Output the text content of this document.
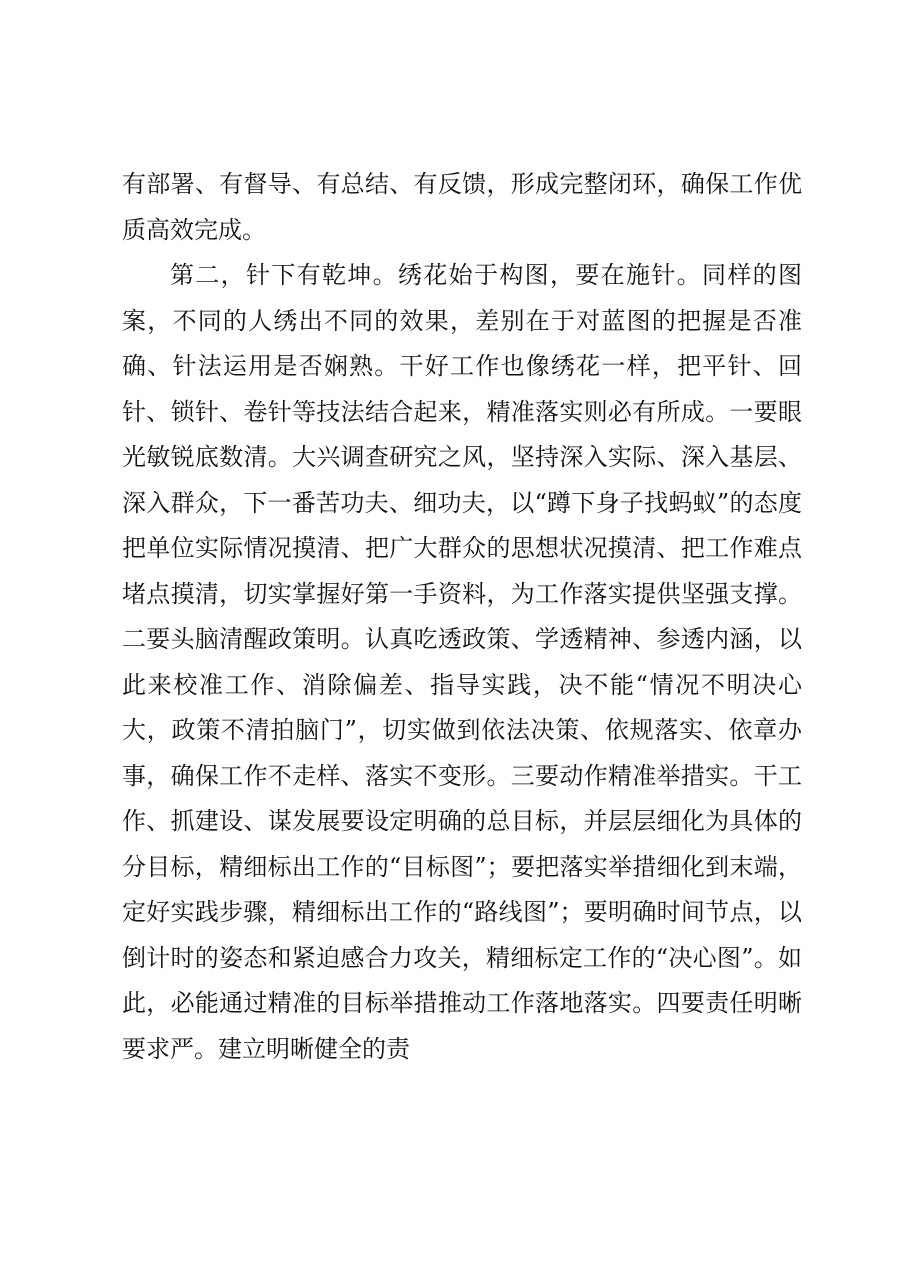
有部署、有督导、有总结、有反馈，形成完整闭环，确保工作优质高效完成。

第二，针下有乾坤。绣花始于构图，要在施针。同样的图案，不同的人绣出不同的效果，差别在于对蓝图的把握是否准确、针法运用是否娴熟。干好工作也像绣花一样，把平针、回针、锁针、卷针等技法结合起来，精准落实则必有所成。一要眼光敏锐底数清。大兴调查研究之风，坚持深入实际、深入基层、深入群众，下一番苦功夫、细功夫，以“蹲下身子找蚂蚁”的态度把单位实际情况摸清、把广大群众的思想状况摸清、把工作难点堵点摸清，切实掌握好第一手资料，为工作落实提供坚强支撑。二要头脑清醒政策明。认真吃透政策、学透精神、参透内涵，以此来校准工作、消除偏差、指导实践，决不能“情况不明决心大，政策不清拍脑门”，切实做到依法决策、依规落实、依章办事，确保工作不走样、落实不变形。三要动作精准举措实。干工作、抓建设、谋发展要设定明确的总目标，并层层细化为具体的分目标，精细标出工作的“目标图”；要把落实举措细化到末端，定好实践步骤，精细标出工作的“路线图”；要明确时间节点，以倒计时的姿态和紧迫感合力攻关，精细标定工作的“决心图”。如此，必能通过精准的目标举措推动工作落地落实。四要责任明晰要求严。建立明晰健全的责
